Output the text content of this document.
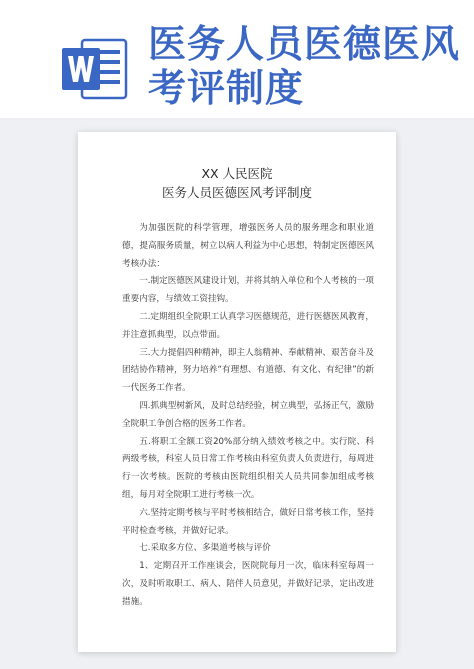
医务人员医德医风
考评制度
XX 人民医院
医务人员医德医风考评制度

为加强医院的科学管理，增强医务人员的服务理念和职业道德，提高服务质量，树立以病人利益为中心思想，特制定医德医风考核办法：

一.制定医德医风建设计划，并将其纳入单位和个人考核的一项重要内容，与绩效工资挂钩。

二.定期组织全院职工认真学习医德规范，进行医德医风教育，并注意抓典型，以点带面。

三.大力提倡四种精神，即主人翁精神、奉献精神、艰苦奋斗及团结协作精神，努力培养“有理想、有道德、有文化、有纪律”的新一代医务工作者。

四.抓典型树新风，及时总结经验，树立典型，弘扬正气，激励全院职工争创合格的医务工作者。

五.将职工全额工资20%部分纳入绩效考核之中。实行院、科两级考核，科室人员日常工作考核由科室负责人负责进行，每周进行一次考核。医院的考核由医院组织相关人员共同参加组成考核组，每月对全院职工进行考核一次。

六.坚持定期考核与平时考核相结合，做好日常考核工作，坚持平时检查考核，并做好记录。

七.采取多方位、多渠道考核与评价

1、定期召开工作座谈会，医院院每月一次，临床科室每周一次，及时听取职工、病人、陪伴人员意见，并做好记录，定出改进措施。
